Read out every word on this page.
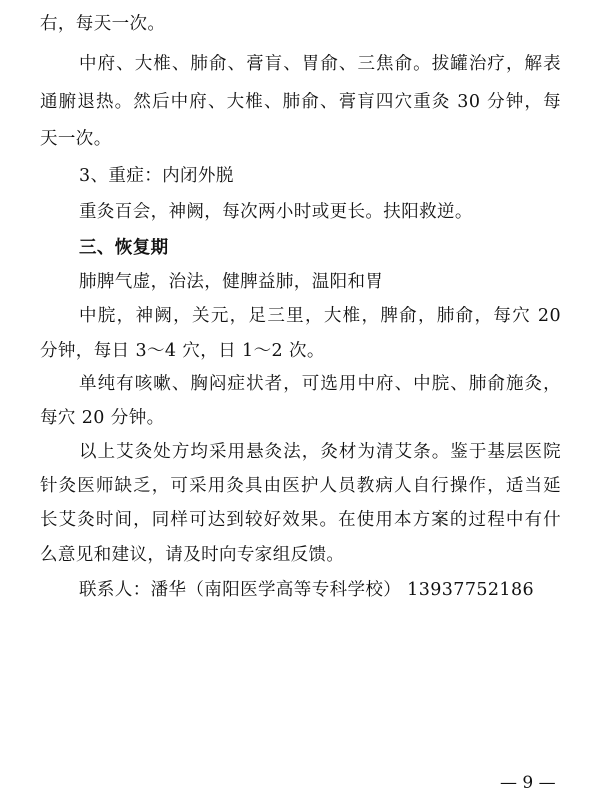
右，每天一次。
中府、大椎、肺俞、膏肓、胃俞、三焦俞。拔罐治疗，解表
通腑退热。然后中府、大椎、肺俞、膏肓四穴重灸 30 分钟，每
天一次。
3、重症：内闭外脱
重灸百会，神阙，每次两小时或更长。扶阳救逆。
三、恢复期
肺脾气虚，治法，健脾益肺，温阳和胃
中脘，神阙，关元，足三里，大椎，脾俞，肺俞，每穴 20
分钟，每日 3～4 穴，日 1～2 次。
单纯有咳嗽、胸闷症状者，可选用中府、中脘、肺俞施灸，
每穴 20 分钟。
以上艾灸处方均采用悬灸法，灸材为清艾条。鉴于基层医院
针灸医师缺乏，可采用灸具由医护人员教病人自行操作，适当延
长艾灸时间，同样可达到较好效果。在使用本方案的过程中有什
么意见和建议，请及时向专家组反馈。
联系人：潘华（南阳医学高等专科学校） 13937752186
— 9 —
